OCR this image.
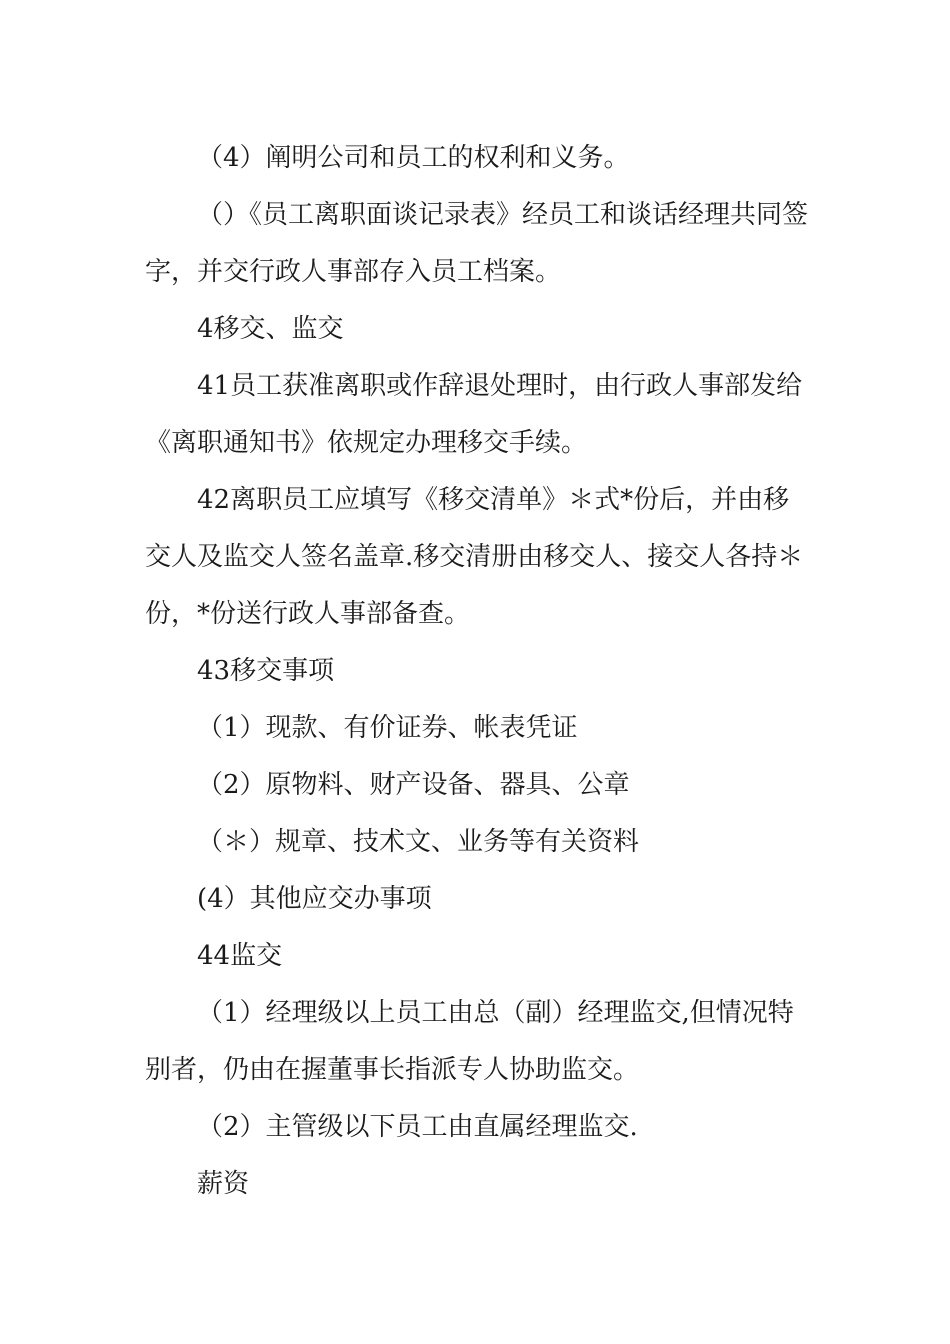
（4）阐明公司和员工的权利和义务。

（）《员工离职面谈记录表》经员工和谈话经理共同签字，并交行政人事部存入员工档案。

4移交、监交

41员工获准离职或作辞退处理时，由行政人事部发给《离职通知书》依规定办理移交手续。

42离职员工应填写《移交清单》＊式*份后，并由移交人及监交人签名盖章.移交清册由移交人、接交人各持＊份，*份送行政人事部备查。

43移交事项

（1）现款、有价证券、帐表凭证

（2）原物料、财产设备、器具、公章

（＊）规章、技术文、业务等有关资料

(4）其他应交办事项

44监交

（1）经理级以上员工由总（副）经理监交,但情况特别者，仍由在握董事长指派专人协助监交。

（2）主管级以下员工由直属经理监交.

薪资
